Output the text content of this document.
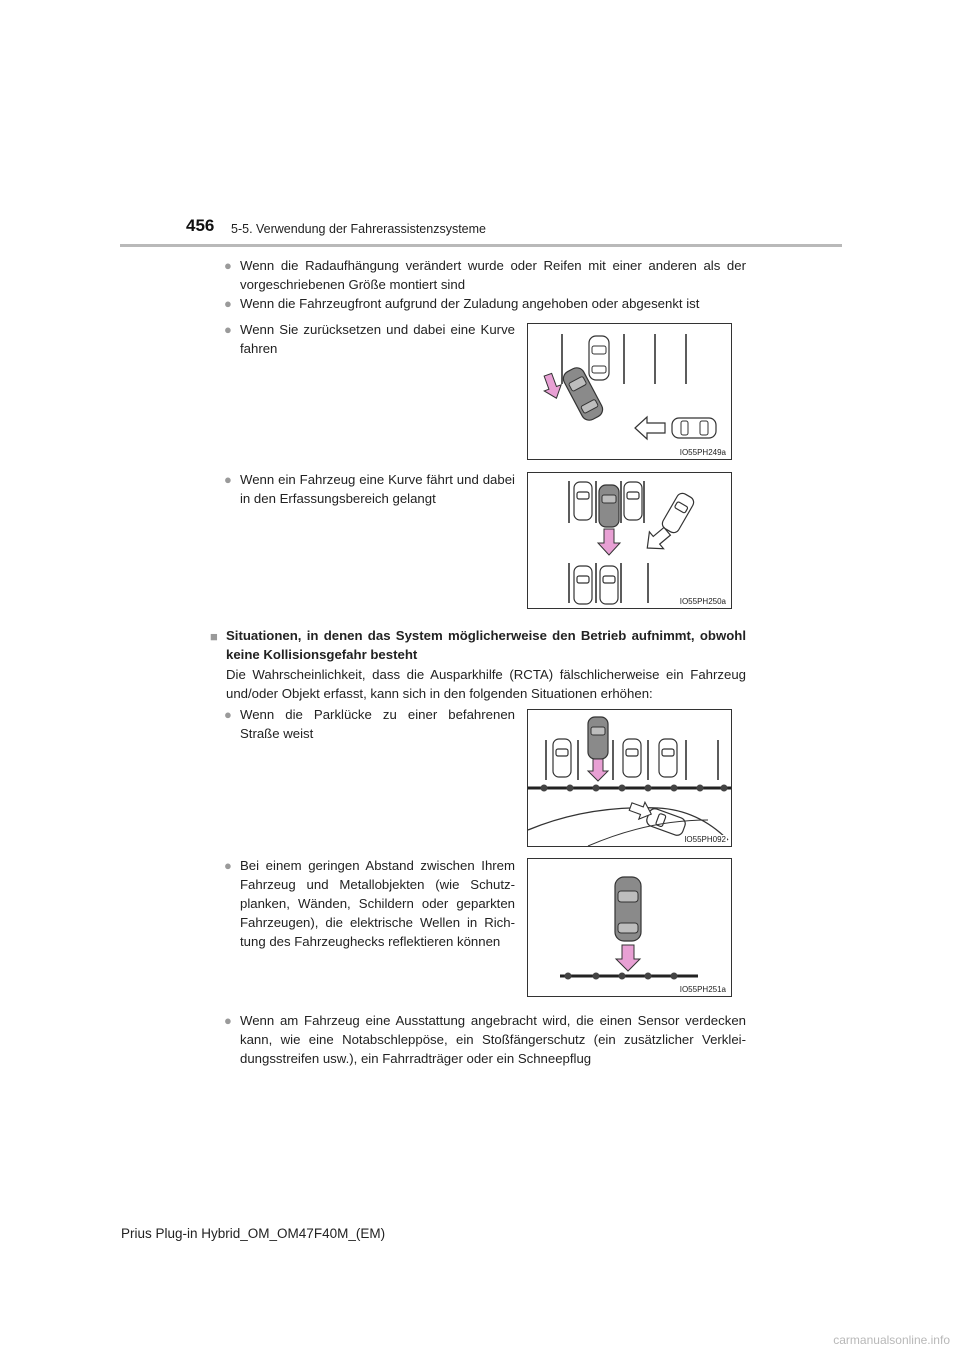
456 5-5. Verwendung der Fahrerassistenzsysteme
● Wenn die Radaufhängung verändert wurde oder Reifen mit einer anderen als der vorgeschriebenen Größe montiert sind
● Wenn die Fahrzeugfront aufgrund der Zuladung angehoben oder abgesenkt ist
● Wenn Sie zurücksetzen und dabei eine Kurve fahren
IO55PH249a
● Wenn ein Fahrzeug eine Kurve fährt und dabei in den Erfassungsbereich gelangt
IO55PH250a
■ Situationen, in denen das System möglicherweise den Betrieb aufnimmt, obwohl keine Kollisionsgefahr besteht
Die Wahrscheinlichkeit, dass die Ausparkhilfe (RCTA) fälschlicherweise ein Fahrzeug und/oder Objekt erfasst, kann sich in den folgenden Situationen erhöhen:
● Wenn die Parklücke zu einer befahrenen Straße weist
IO55PH092
● Bei einem geringen Abstand zwischen Ihrem Fahrzeug und Metallobjekten (wie Schutz-planken, Wänden, Schildern oder geparkten Fahrzeugen), die elektrische Wellen in Rich-tung des Fahrzeughecks reflektieren können
IO55PH251a
● Wenn am Fahrzeug eine Ausstattung angebracht wird, die einen Sensor verdecken kann, wie eine Notabschleppöse, ein Stoßfängerschutz (ein zusätzlicher Verklei-dungsstreifen usw.), ein Fahrradträger oder ein Schneepflug
Prius Plug-in Hybrid_OM_OM47F40M_(EM)
carmanualsonline.info
